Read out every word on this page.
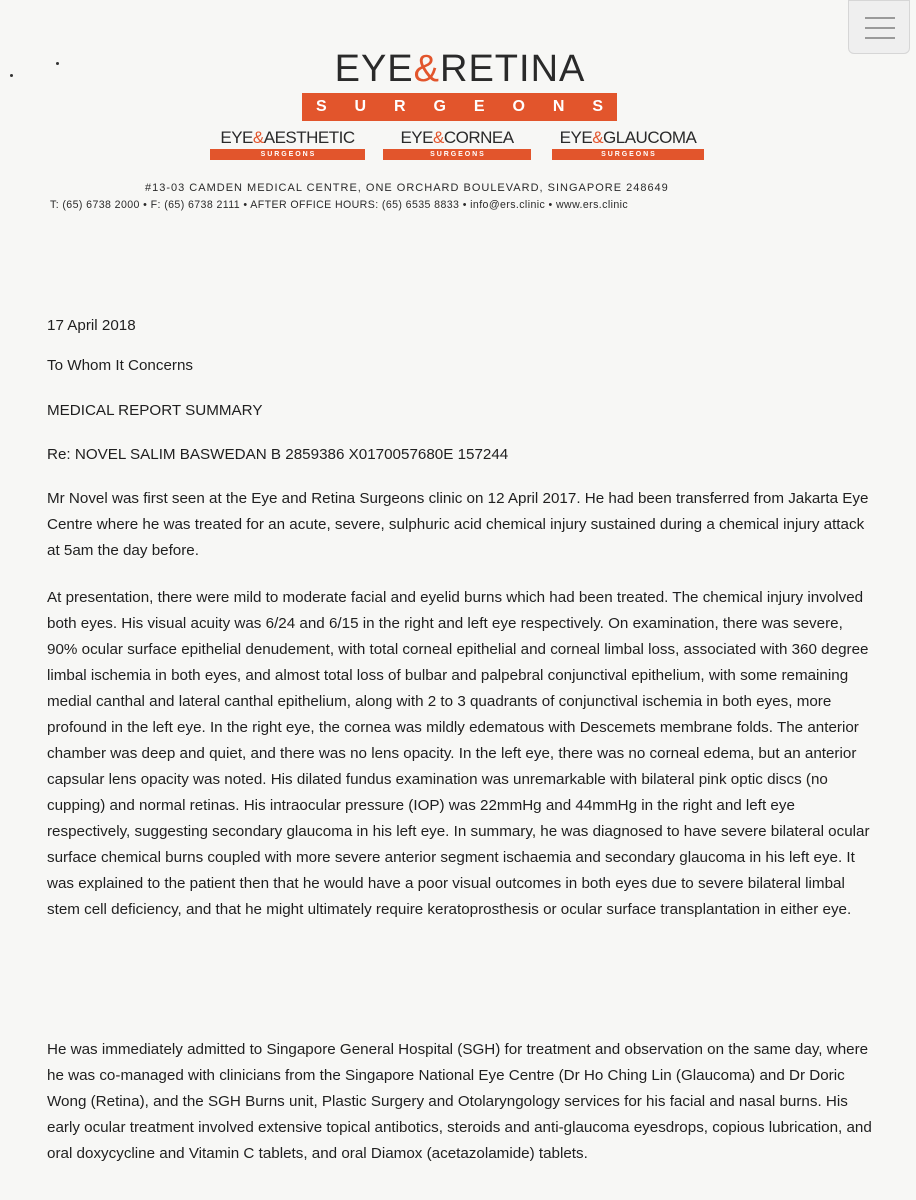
EYE&RETINA
S U R G E O N S
EYE&AESTHETIC
S U R G E O N S
EYE&CORNEA
S U R G E O N S
EYE&GLAUCOMA
S U R G E O N S
#13-03 CAMDEN MEDICAL CENTRE, ONE ORCHARD BOULEVARD, SINGAPORE 248649
T: (65) 6738 2000 • F: (65) 6738 2111 • AFTER OFFICE HOURS: (65) 6535 8833 • info@ers.clinic • www.ers.clinic
17 April 2018
To Whom It Concerns
MEDICAL REPORT SUMMARY
Re: NOVEL SALIM BASWEDAN B 2859386 X0170057680E 157244

Mr Novel was first seen at the Eye and Retina Surgeons clinic on 12 April 2017. He had been transferred from Jakarta Eye Centre where he was treated for an acute, severe, sulphuric acid chemical injury sustained during a chemical injury attack at 5am the day before.

At presentation, there were mild to moderate facial and eyelid burns which had been treated. The chemical injury involved both eyes. His visual acuity was 6/24 and 6/15 in the right and left eye respectively. On examination, there was severe, 90% ocular surface epithelial denudement, with total corneal epithelial and corneal limbal loss, associated with 360 degree limbal ischemia in both eyes, and almost total loss of bulbar and palpebral conjunctival epithelium, with some remaining medial canthal and lateral canthal epithelium, along with 2 to 3 quadrants of conjunctival ischemia in both eyes, more profound in the left eye. In the right eye, the cornea was mildly edematous with Descemets membrane folds. The anterior chamber was deep and quiet, and there was no lens opacity. In the left eye, there was no corneal edema, but an anterior capsular lens opacity was noted. His dilated fundus examination was unremarkable with bilateral pink optic discs (no cupping) and normal retinas. His intraocular pressure (IOP) was 22mmHg and 44mmHg in the right and left eye respectively, suggesting secondary glaucoma in his left eye. In summary, he was diagnosed to have severe bilateral ocular surface chemical burns coupled with more severe anterior segment ischaemia and secondary glaucoma in his left eye. It was explained to the patient then that he would have a poor visual outcomes in both eyes due to severe bilateral limbal stem cell deficiency, and that he might ultimately require keratoprosthesis or ocular surface transplantation in either eye.

He was immediately admitted to Singapore General Hospital (SGH) for treatment and observation on the same day, where he was co-managed with clinicians from the Singapore National Eye Centre (Dr Ho Ching Lin (Glaucoma) and Dr Doric Wong (Retina), and the SGH Burns unit, Plastic Surgery and Otolaryngology services for his facial and nasal burns. His early ocular treatment involved extensive topical antibotics, steroids and anti-glaucoma eyesdrops, copious lubrication, and oral doxycycline and Vitamin C tablets, and oral Diamox (acetazolamide) tablets.
